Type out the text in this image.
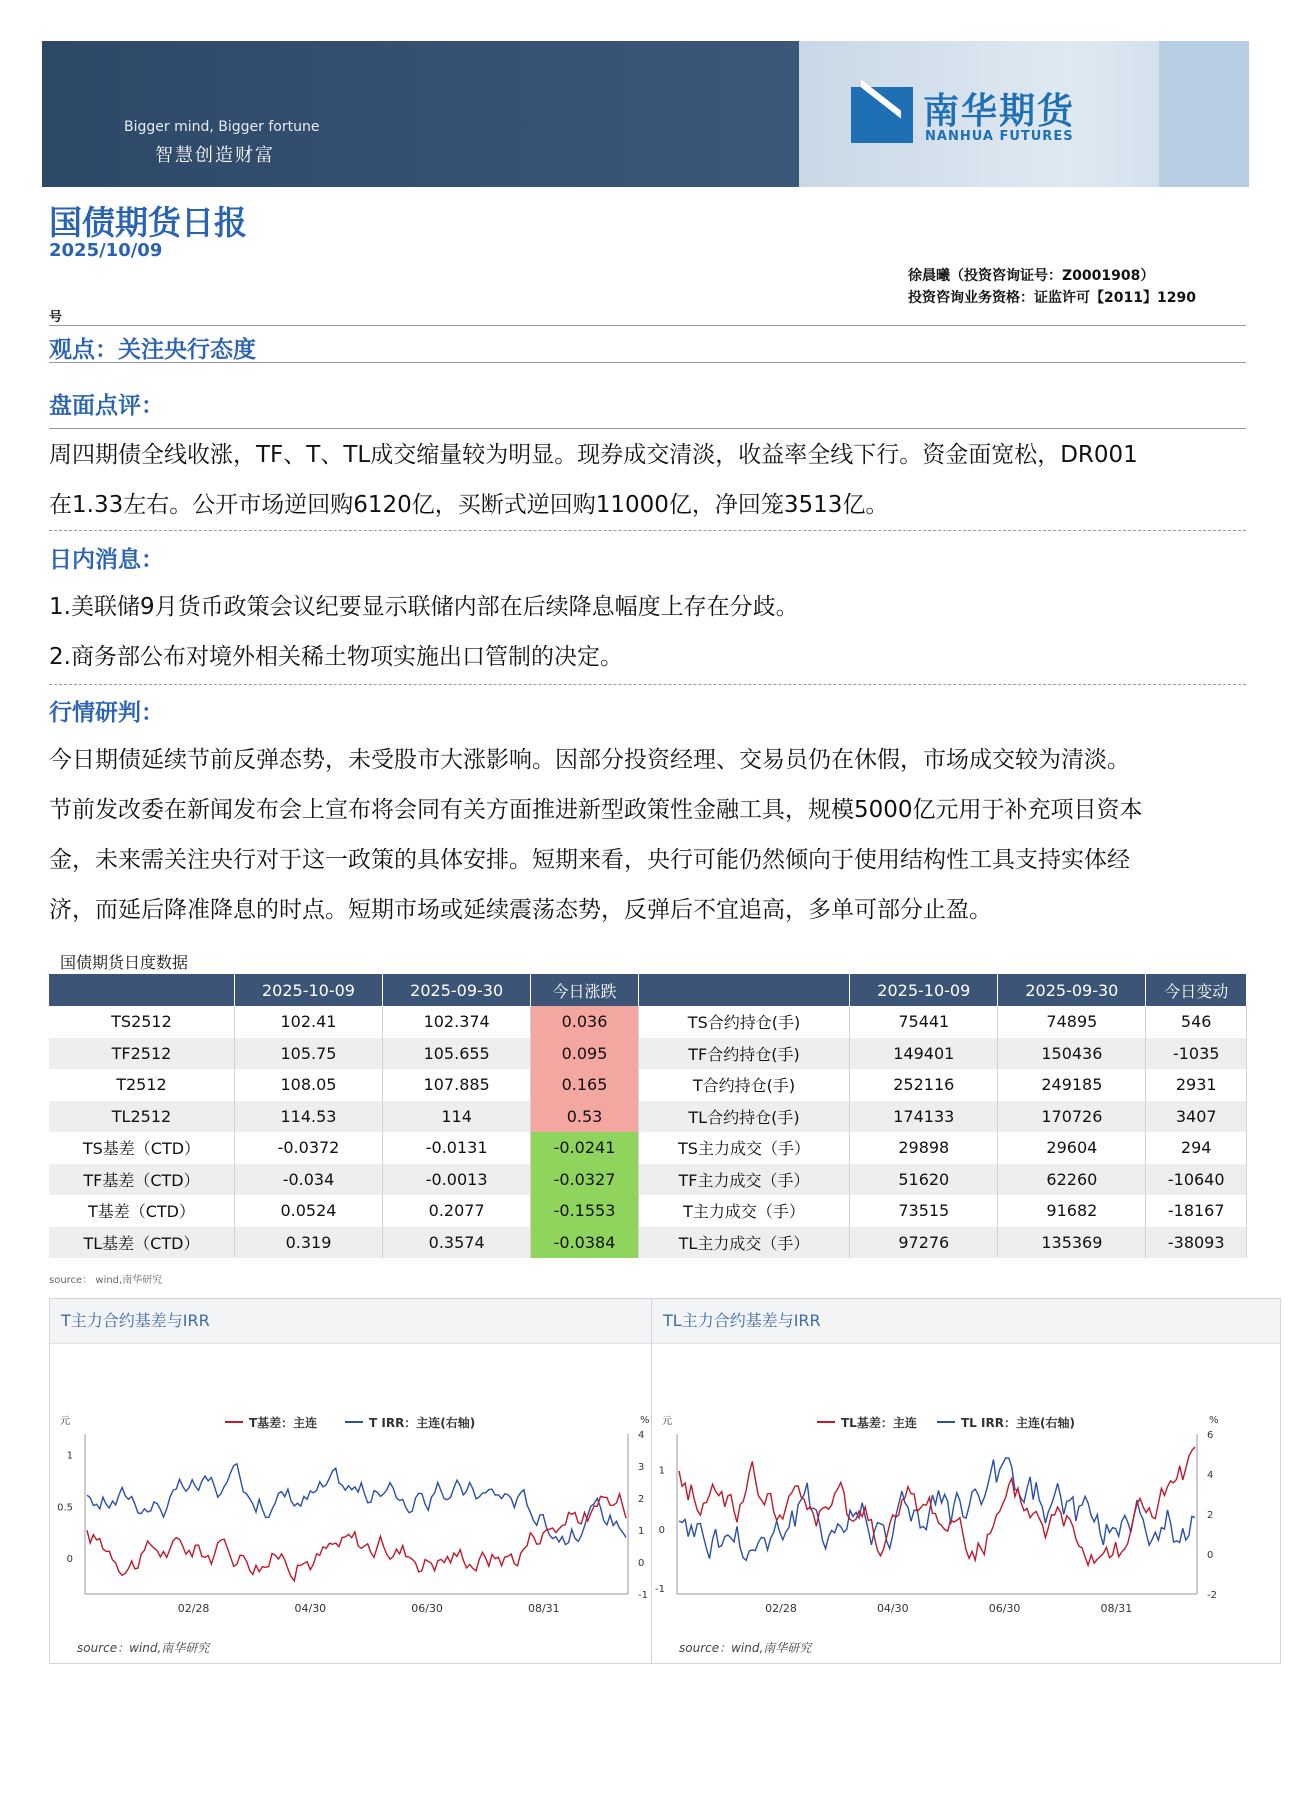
Bigger mind, Bigger fortune
智慧创造财富
南华期货
NANHUA FUTURES
国债期货日报
2025/10/09
徐晨曦（投资咨询证号：Z0001908）
投资咨询业务资格：证监许可【2011】1290
号
观点：关注央行态度
盘面点评：
周四期债全线收涨，TF、T、TL成交缩量较为明显。现券成交清淡，收益率全线下行。资金面宽松，DR001
在1.33左右。公开市场逆回购6120亿，买断式逆回购11000亿，净回笼3513亿。
日内消息：
1.美联储9月货币政策会议纪要显示联储内部在后续降息幅度上存在分歧。
2.商务部公布对境外相关稀土物项实施出口管制的决定。
行情研判：
今日期债延续节前反弹态势，未受股市大涨影响。因部分投资经理、交易员仍在休假，市场成交较为清淡。
节前发改委在新闻发布会上宣布将会同有关方面推进新型政策性金融工具，规模5000亿元用于补充项目资本
金，未来需关注央行对于这一政策的具体安排。短期来看，央行可能仍然倾向于使用结构性工具支持实体经
济，而延后降准降息的时点。短期市场或延续震荡态势，反弹后不宜追高，多单可部分止盈。
国债期货日度数据
	2025-10-09	2025-09-30	今日涨跌		2025-10-09	2025-09-30	今日变动
TS2512	102.41	102.374	0.036	TS合约持仓(手)	75441	74895	546
TF2512	105.75	105.655	0.095	TF合约持仓(手)	149401	150436	-1035
T2512	108.05	107.885	0.165	T合约持仓(手)	252116	249185	2931
TL2512	114.53	114	0.53	TL合约持仓(手)	174133	170726	3407
TS基差（CTD）	-0.0372	-0.0131	-0.0241	TS主力成交（手）	29898	29604	294
TF基差（CTD）	-0.034	-0.0013	-0.0327	TF主力成交（手）	51620	62260	-10640
T基差（CTD）	0.0524	0.2077	-0.1553	T主力成交（手）	73515	91682	-18167
TL基差（CTD）	0.319	0.3574	-0.0384	TL主力成交（手）	97276	135369	-38093
source： wind,南华研究
T主力合约基差与IRR
T基差：主连	T IRR：主连(右轴)
元	%
1
0.5
0
4
3
2
1
0
-1
02/28	04/30	06/30	08/31
source：wind,南华研究
TL主力合约基差与IRR
TL基差：主连	TL IRR：主连(右轴)
元	%
1
0
-1
6
4
2
0
-2
02/28	04/30	06/30	08/31
source：wind,南华研究
